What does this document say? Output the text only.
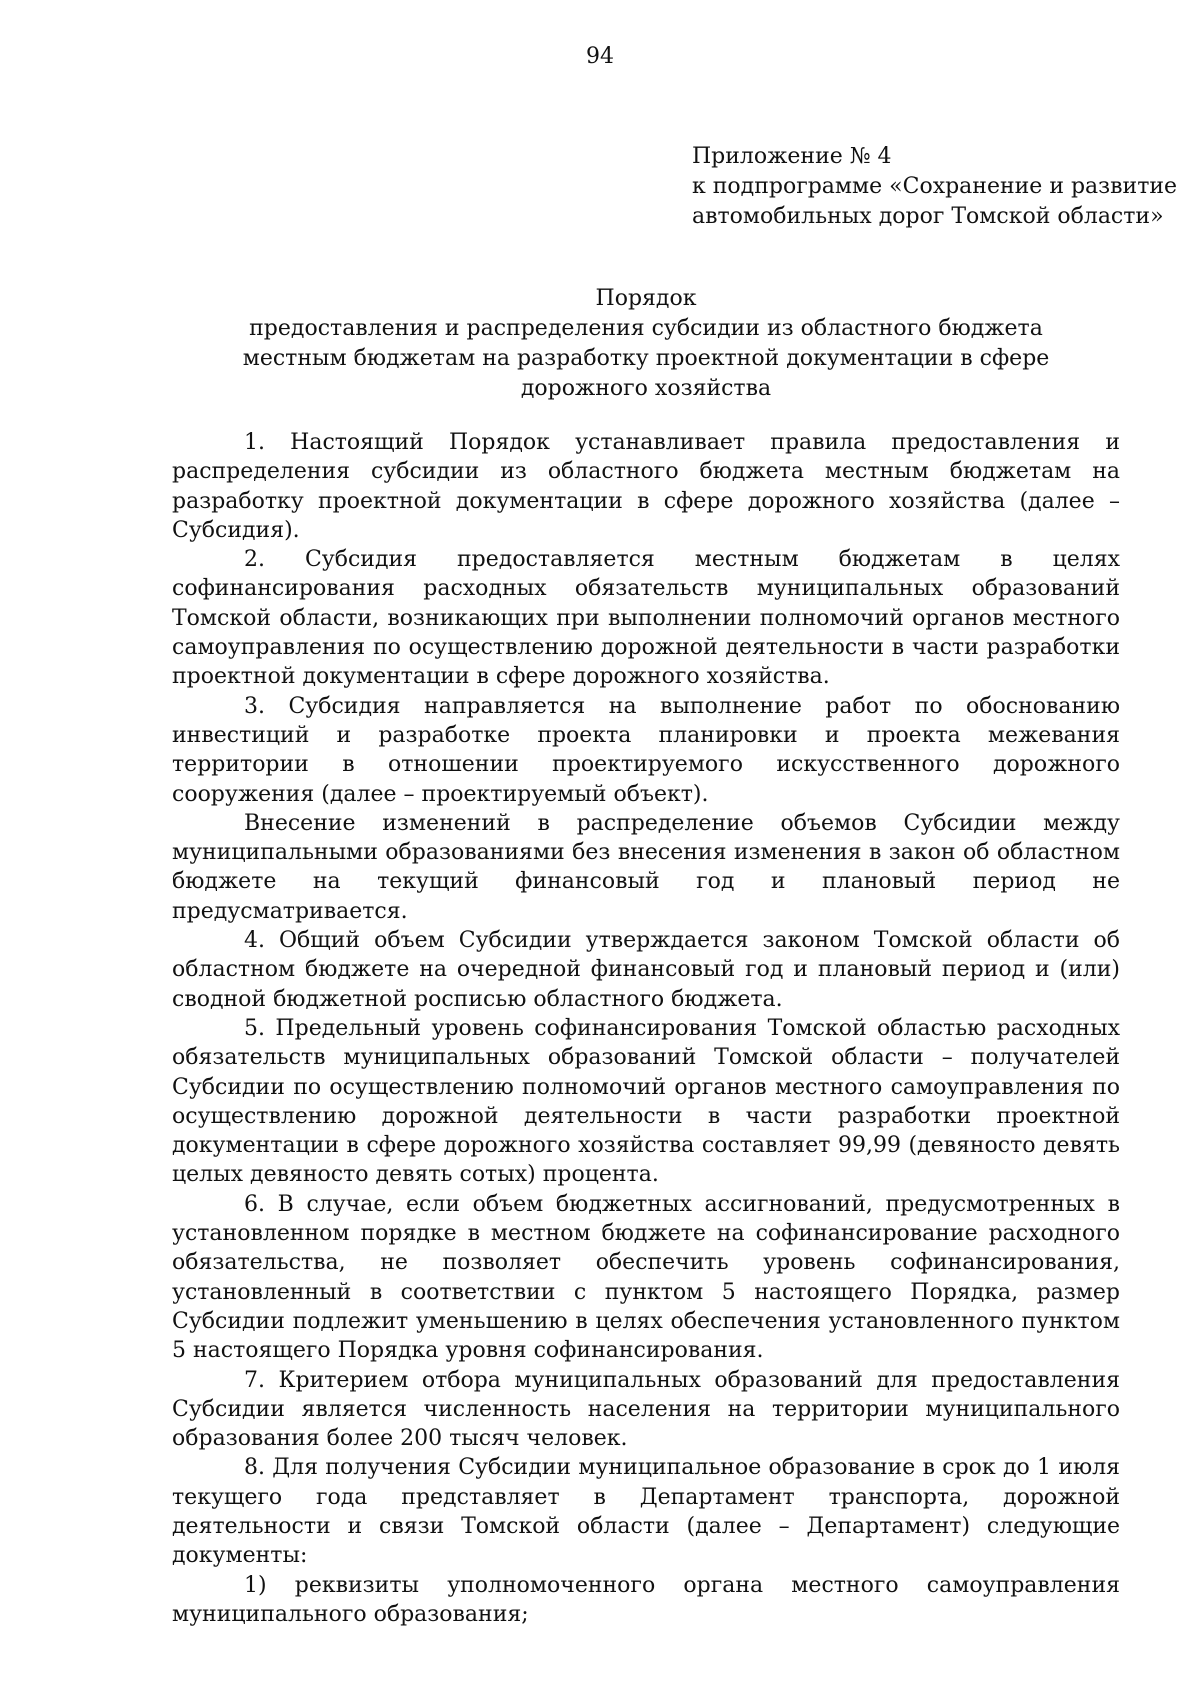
94
Приложение № 4
к подпрограмме «Сохранение и развитие
автомобильных дорог Томской области»
Порядок
предоставления и распределения субсидии из областного бюджета
местным бюджетам на разработку проектной документации в сфере
дорожного хозяйства

1. Настоящий Порядок устанавливает правила предоставления и распределения субсидии из областного бюджета местным бюджетам на разработку проектной документации в сфере дорожного хозяйства (далее – Субсидия).

2. Субсидия предоставляется местным бюджетам в целях софинансирования расходных обязательств муниципальных образований Томской области, возникающих при выполнении полномочий органов местного самоуправления по осуществлению дорожной деятельности в части разработки проектной документации в сфере дорожного хозяйства.

3. Субсидия направляется на выполнение работ по обоснованию инвестиций и разработке проекта планировки и проекта межевания территории в отношении проектируемого искусственного дорожного сооружения (далее – проектируемый объект).

Внесение изменений в распределение объемов Субсидии между муниципальными образованиями без внесения изменения в закон об областном бюджете на текущий финансовый год и плановый период не предусматривается.

4. Общий объем Субсидии утверждается законом Томской области об областном бюджете на очередной финансовый год и плановый период и (или) сводной бюджетной росписью областного бюджета.

5. Предельный уровень софинансирования Томской областью расходных обязательств муниципальных образований Томской области – получателей Субсидии по осуществлению полномочий органов местного самоуправления по осуществлению дорожной деятельности в части разработки проектной документации в сфере дорожного хозяйства составляет 99,99 (девяносто девять целых девяносто девять сотых) процента.

6. В случае, если объем бюджетных ассигнований, предусмотренных в установленном порядке в местном бюджете на софинансирование расходного обязательства, не позволяет обеспечить уровень софинансирования, установленный в соответствии с пунктом 5 настоящего Порядка, размер Субсидии подлежит уменьшению в целях обеспечения установленного пунктом 5 настоящего Порядка уровня софинансирования.

7. Критерием отбора муниципальных образований для предоставления Субсидии является численность населения на территории муниципального образования более 200 тысяч человек.

8. Для получения Субсидии муниципальное образование в срок до 1 июля текущего года представляет в Департамент транспорта, дорожной деятельности и связи Томской области (далее – Департамент) следующие документы:

1) реквизиты уполномоченного органа местного самоуправления муниципального образования;
